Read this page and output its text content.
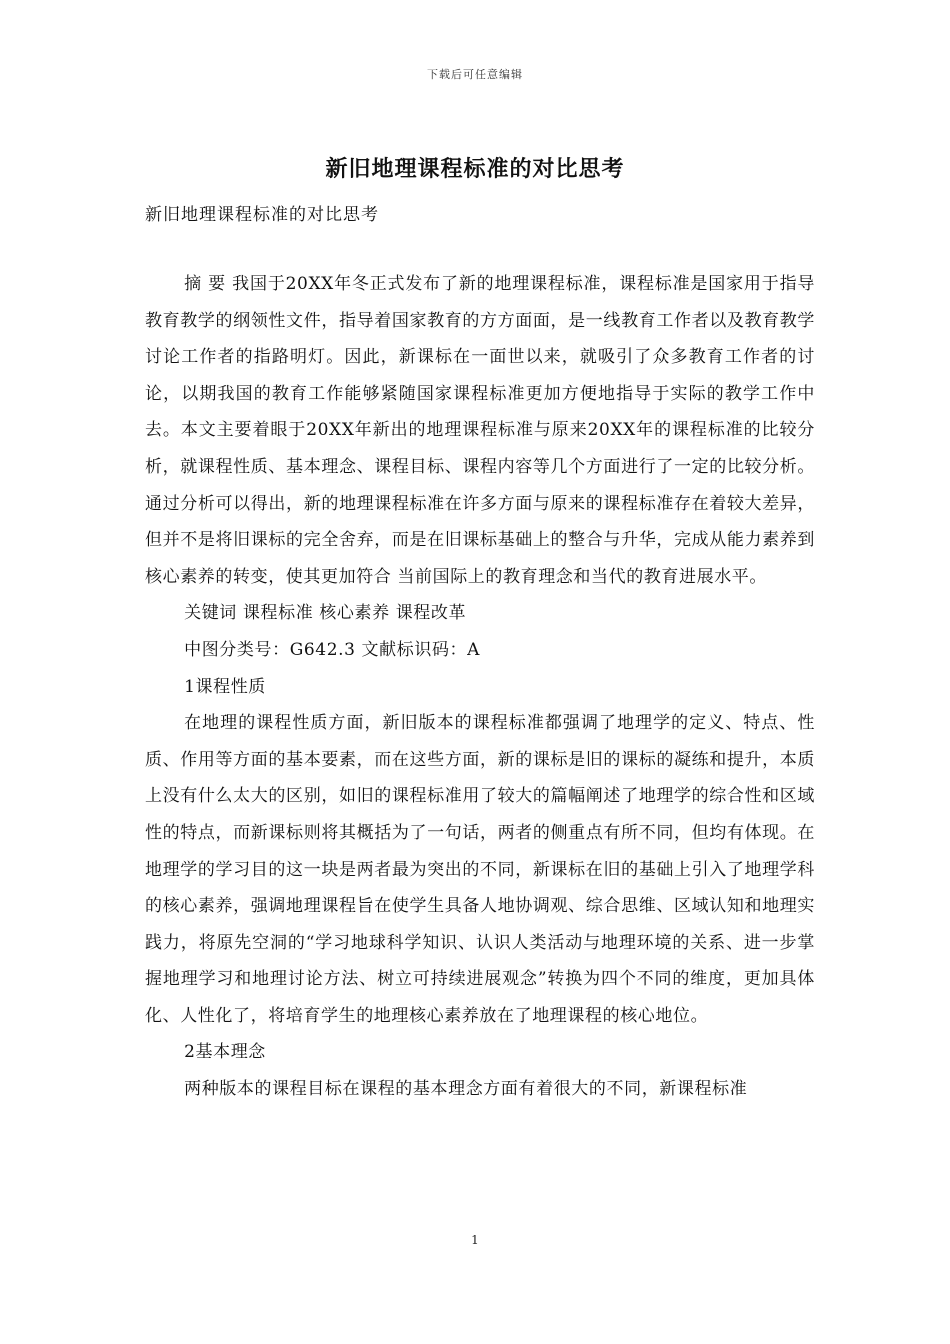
下载后可任意编辑
新旧地理课程标准的对比思考
新旧地理课程标准的对比思考

摘 要 我国于20XX年冬正式发布了新的地理课程标准，课程标准是国家用于指导教育教学的纲领性文件，指导着国家教育的方方面面，是一线教育工作者以及教育教学讨论工作者的指路明灯。因此，新课标在一面世以来，就吸引了众多教育工作者的讨论，以期我国的教育工作能够紧随国家课程标准更加方便地指导于实际的教学工作中去。本文主要着眼于20XX年新出的地理课程标准与原来20XX年的课程标准的比较分析，就课程性质、基本理念、课程目标、课程内容等几个方面进行了一定的比较分析。通过分析可以得出，新的地理课程标准在许多方面与原来的课程标准存在着较大差异，但并不是将旧课标的完全舍弃，而是在旧课标基础上的整合与升华，完成从能力素养到核心素养的转变，使其更加符合 当前国际上的教育理念和当代的教育进展水平。

关键词 课程标准 核心素养 课程改革

中图分类号：G642.3 文献标识码：A

1课程性质

在地理的课程性质方面，新旧版本的课程标准都强调了地理学的定义、特点、性质、作用等方面的基本要素，而在这些方面，新的课标是旧的课标的凝练和提升，本质上没有什么太大的区别，如旧的课程标准用了较大的篇幅阐述了地理学的综合性和区域性的特点，而新课标则将其概括为了一句话，两者的侧重点有所不同，但均有体现。在地理学的学习目的这一块是两者最为突出的不同，新课标在旧的基础上引入了地理学科的核心素养，强调地理课程旨在使学生具备人地协调观、综合思维、区域认知和地理实践力，将原先空洞的“学习地球科学知识、认识人类活动与地理环境的关系、进一步掌握地理学习和地理讨论方法、树立可持续进展观念”转换为四个不同的维度，更加具体化、人性化了，将培育学生的地理核心素养放在了地理课程的核心地位。

2基本理念

两种版本的课程目标在课程的基本理念方面有着很大的不同，新课程标准

1
